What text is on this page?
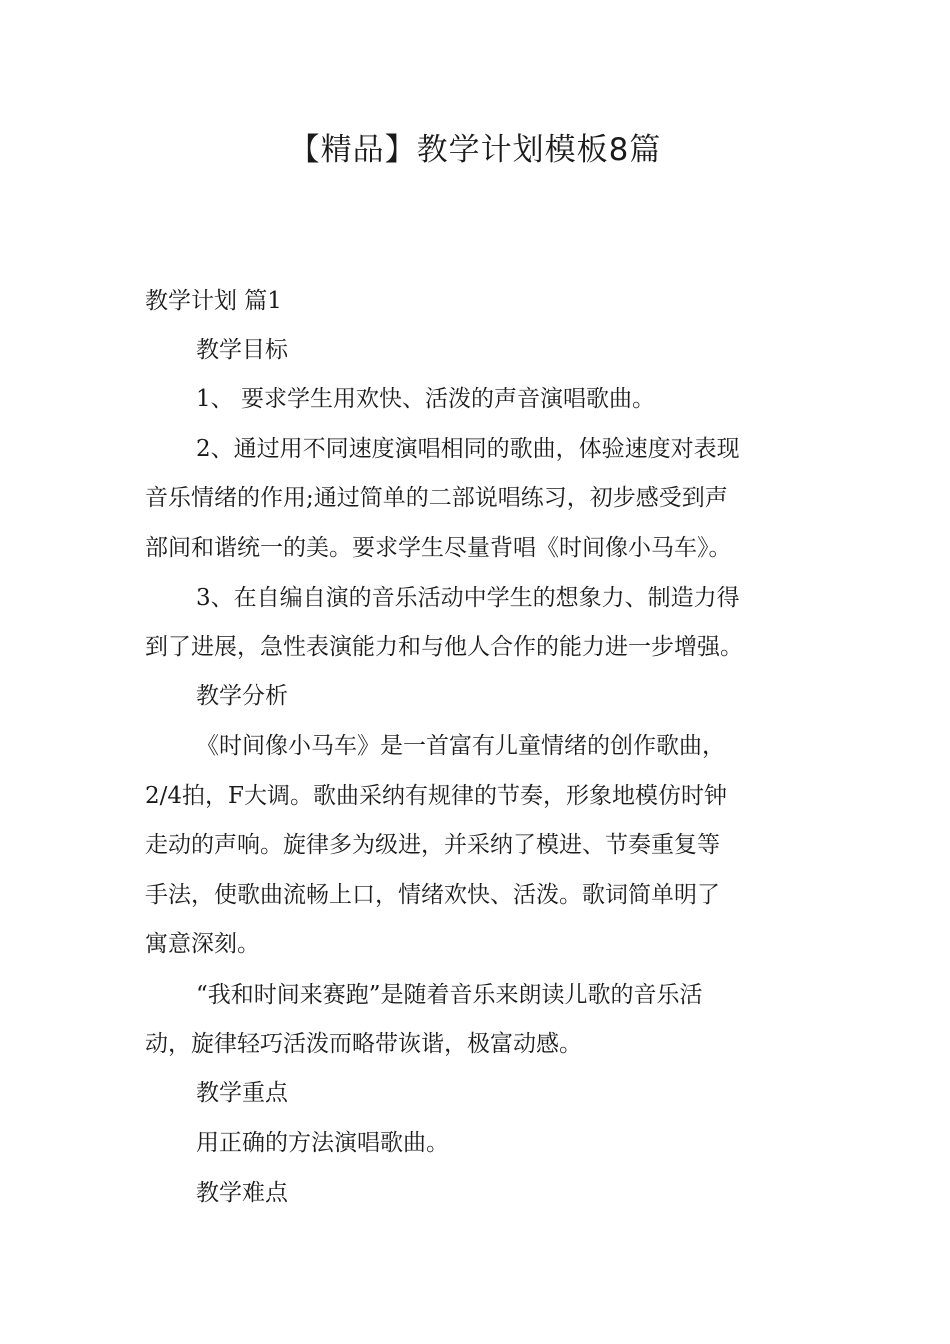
【精品】教学计划模板8篇
教学计划 篇1
教学目标
1、 要求学生用欢快、活泼的声音演唱歌曲。
2、通过用不同速度演唱相同的歌曲，体验速度对表现
音乐情绪的作用;通过简单的二部说唱练习，初步感受到声
部间和谐统一的美。要求学生尽量背唱《时间像小马车》。
3、在自编自演的音乐活动中学生的想象力、制造力得
到了进展，急性表演能力和与他人合作的能力进一步增强。
教学分析
《时间像小马车》是一首富有儿童情绪的创作歌曲，
2/4拍，F大调。歌曲采纳有规律的节奏，形象地模仿时钟
走动的声响。旋律多为级进，并采纳了模进、节奏重复等
手法，使歌曲流畅上口，情绪欢快、活泼。歌词简单明了
寓意深刻。
“我和时间来赛跑”是随着音乐来朗读儿歌的音乐活
动，旋律轻巧活泼而略带诙谐，极富动感。
教学重点
用正确的方法演唱歌曲。
教学难点
